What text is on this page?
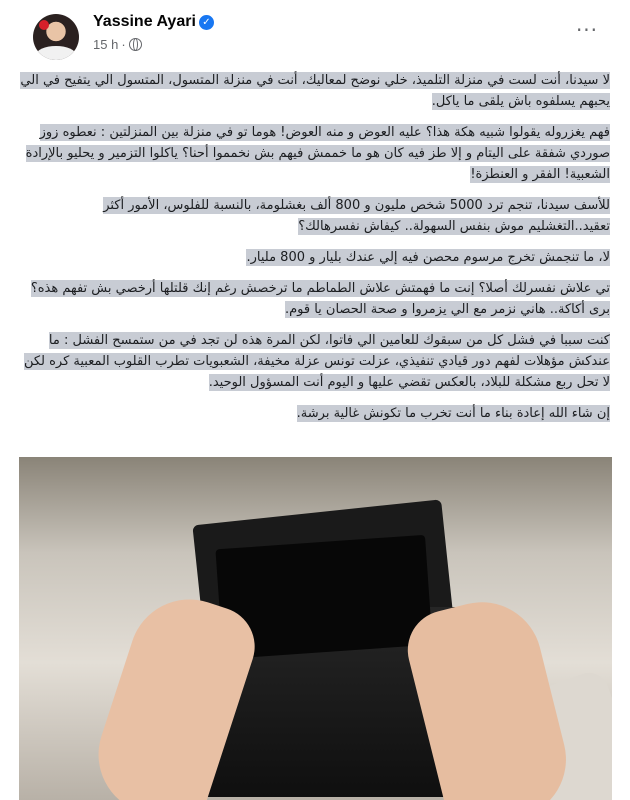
Yassine Ayari ✓
15 h ·
···

لا سيدنا، أنت لست في منزلة التلميذ، خلي نوضح لمعاليك، أنت في منزلة المتسول، المتسول الي يتفيح في الي يحبهم يسلفوه باش يلقى ما ياكل.

فهم يغزروله يقولوا شبيه هكة هذا؟ عليه العوض و منه العوض! هوما تو في منزلة بين المنزلتين : نعطوه زوز صوردي شفقة على اليتام و إلا طز فيه كان هو ما خممش فيهم بش نخمموا أحنا؟ ياكلوا التزمير و يحليو بالإرادة الشعبية! الفقر و العنطزة!

للأسف سيدنا، تنجم ترد 5000 شخص مليون و 800 ألف بغشلومة، بالنسبة للفلوس، الأمور أكثر تعقيد..التغشليم موش بنفس السهولة.. كيفاش نفسرهالك؟

لا، ما تنجمش تخرج مرسوم محصن فيه إلي عندك بليار و 800 مليار.

تي علاش نفسرلك أصلا؟ إنت ما فهمتش علاش الطماطم ما ترخصش رغم إنك قلتلها أرخصي بش تفهم هذه؟ برى أكاكة.. هاني نزمر مع الي يزمروا و صحة الحصان يا قوم.

كنت سببا في فشل كل من سبقوك للعامين الي فاتوا، لكن المرة هذه لن تجد في من ستمسح الفشل : ما عندكش مؤهلات لفهم دور قيادي تنفيذي، عزلت تونس عزلة مخيفة، الشعبويات تطرب القلوب المعبية كره لكن لا تحل ربع مشكلة للبلاد، بالعكس تقضي عليها و اليوم أنت المسؤول الوحيد.

إن شاء الله إعادة بناء ما أنت تخرب ما تكونش غالية برشة.
